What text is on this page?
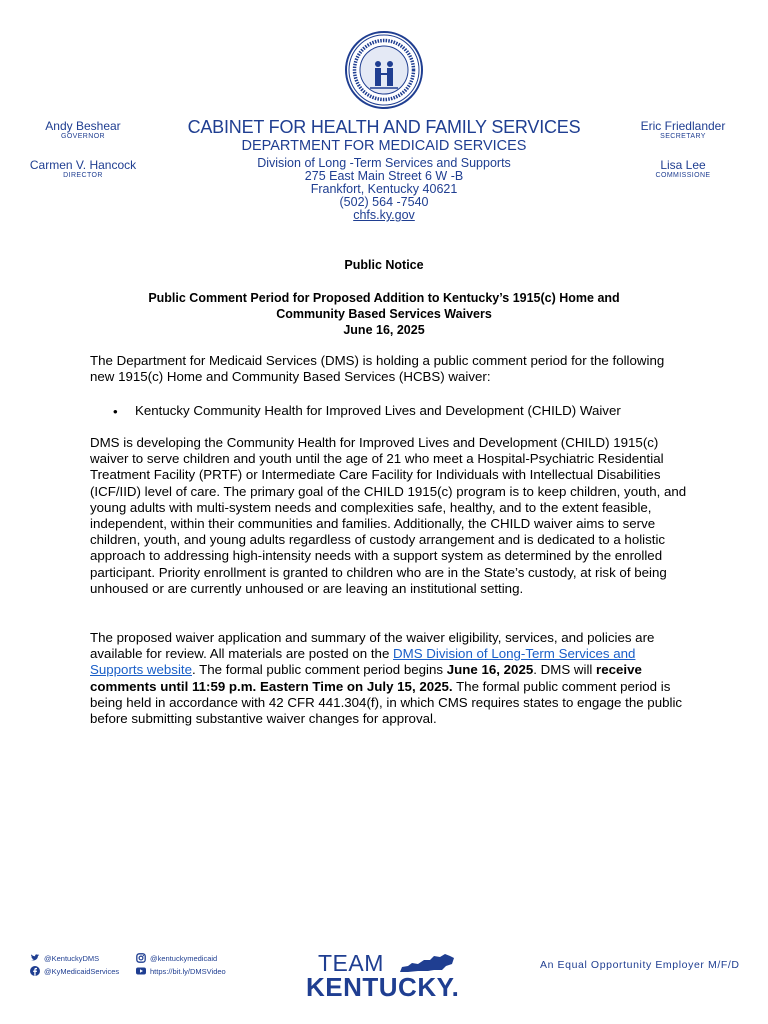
Andy Beshear
GOVERNOR
Carmen V. Hancock
DIRECTOR
Eric Friedlander
SECRETARY
Lisa Lee
COMMISSIONE
CABINET FOR HEALTH AND FAMILY SERVICES
DEPARTMENT FOR MEDICAID SERVICES
Division of Long -Term Services and Supports
275 East Main Street 6 W -B
Frankfort, Kentucky 40621
(502) 564 -7540
chfs.ky.gov
Public Notice
Public Comment Period for Proposed Addition to Kentucky’s 1915(c) Home and
Community Based Services Waivers
June 16, 2025
The Department for Medicaid Services (DMS) is holding a public comment period for the following new 1915(c) Home and Community Based Services (HCBS) waiver:
• Kentucky Community Health for Improved Lives and Development (CHILD) Waiver
DMS is developing the Community Health for Improved Lives and Development (CHILD) 1915(c) waiver to serve children and youth until the age of 21 who meet a Hospital-Psychiatric Residential Treatment Facility (PRTF) or Intermediate Care Facility for Individuals with Intellectual Disabilities (ICF/IID) level of care. The primary goal of the CHILD 1915(c) program is to keep children, youth, and young adults with multi-system needs and complexities safe, healthy, and to the extent feasible, independent, within their communities and families. Additionally, the CHILD waiver aims to serve children, youth, and young adults regardless of custody arrangement and is dedicated to a holistic approach to addressing high-intensity needs with a support system as determined by the enrolled participant. Priority enrollment is granted to children who are in the State’s custody, at risk of being unhoused or are currently unhoused or are leaving an institutional setting.
The proposed waiver application and summary of the waiver eligibility, services, and policies are available for review. All materials are posted on the DMS Division of Long-Term Services and Supports website. The formal public comment period begins June 16, 2025. DMS will receive comments until 11:59 p.m. Eastern Time on July 15, 2025. The formal public comment period is being held in accordance with 42 CFR 441.304(f), in which CMS requires states to engage the public before submitting substantive waiver changes for approval.
@KentuckyDMS
@KyMedicaidServices
@kentuckymedicaid
https://bit.ly/DMSVideo	TEAM
KENTUCKY.
An Equal Opportunity Employer M/F/D
